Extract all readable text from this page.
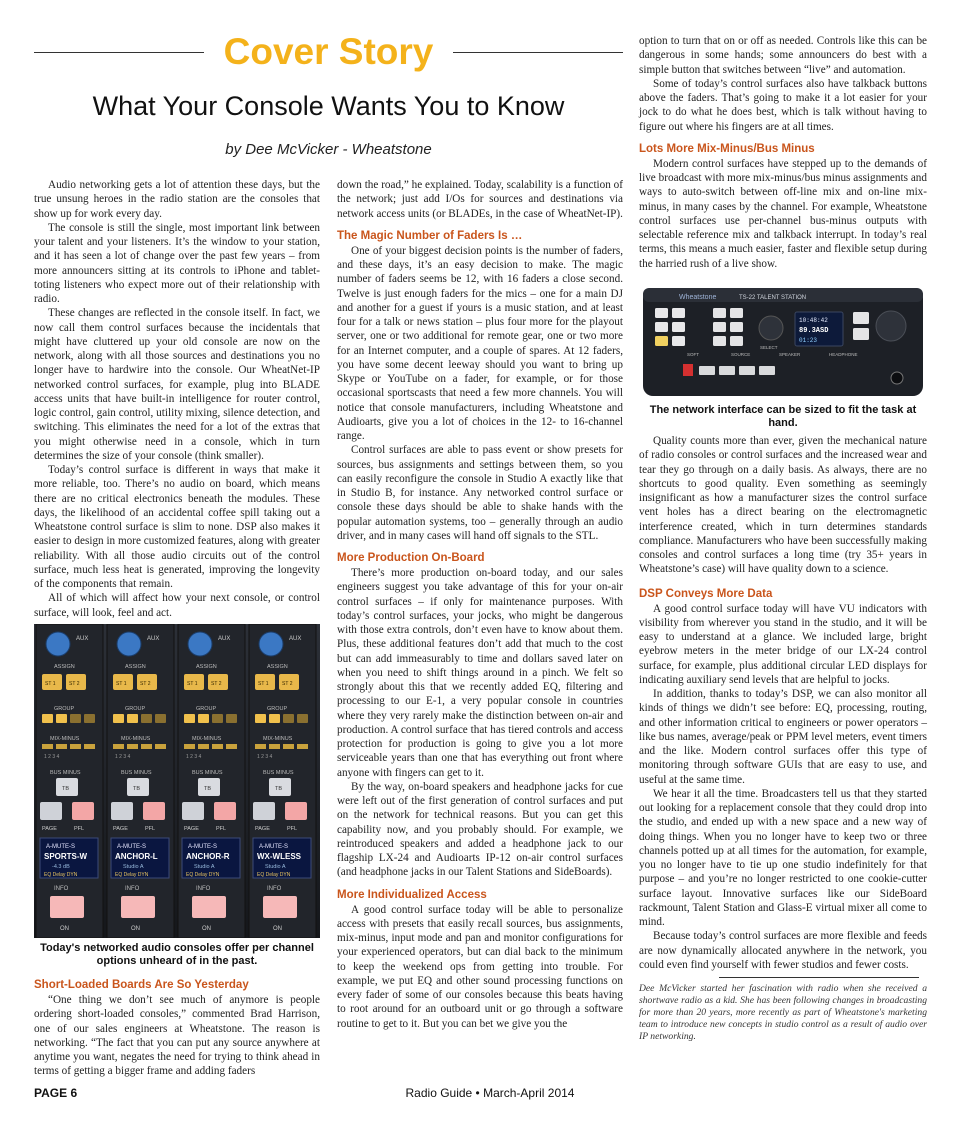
Cover Story
What Your Console Wants You to Know
by Dee McVicker - Wheatstone

Audio networking gets a lot of attention these days, but the true unsung heroes in the radio station are the consoles that show up for work every day.

The console is still the single, most important link between your talent and your listeners. It’s the window to your station, and it has seen a lot of change over the past few years – from more announcers sitting at its controls to iPhone and tablet-toting listeners who expect more out of their relationship with radio.

These changes are reflected in the console itself. In fact, we now call them control surfaces because the incidentals that might have cluttered up your old console are now on the network, along with all those sources and destinations you no longer have to hardwire into the console. Our WheatNet-IP networked control surfaces, for example, plug into BLADE access units that have built-in intelligence for router control, logic control, gain control, utility mixing, silence detection, and switching. This eliminates the need for a lot of the extras that you might otherwise need in a console, which in turn determines the size of your console (think smaller).

Today’s control surface is different in ways that make it more reliable, too. There’s no audio on board, which means there are no critical electronics beneath the modules. These days, the likelihood of an accidental coffee spill taking out a Wheatstone control surface is slim to none. DSP also makes it easier to design in more customized features, along with greater reliability. With all those audio circuits out of the control surface, much less heat is generated, improving the longevity of the components that remain.

All of which will affect how your next console, or control surface, will look, feel and act.

AUX
ASSIGN
ST 1	ST 2
GROUP
MIX-MINUS
1 2 3 4
BUS MINUS
TB
PAGE	PFL
A-MUTE-S
SPORTS-W
-4.3 dB
EQ Delay DYN
INFO
ON
AUX
ASSIGN
ST 1	ST 2
GROUP
MIX-MINUS
1 2 3 4
BUS MINUS
TB
PAGE	PFL
A-MUTE-S
ANCHOR-L
Studio A
EQ Delay DYN
INFO
ON
AUX
ASSIGN
ST 1	ST 2
GROUP
MIX-MINUS
1 2 3 4
BUS MINUS
TB
PAGE	PFL
A-MUTE-S
ANCHOR-R
Studio A
EQ Delay DYN
INFO
ON
AUX
ASSIGN
ST 1	ST 2
GROUP
MIX-MINUS
1 2 3 4
BUS MINUS
TB
PAGE	PFL
A-MUTE-S
WX-WLESS
Studio A
EQ Delay DYN
INFO
ON
Today's networked audio consoles offer per channel options unheard of in the past.
Short-Loaded Boards Are So Yesterday

“One thing we don’t see much of anymore is people ordering short-loaded consoles,” commented Brad Harrison, one of our sales engineers at Wheatstone. The reason is networking. “The fact that you can put any source anywhere at anytime you want, negates the need for trying to think ahead in terms of getting a bigger frame and adding faders

down the road,” he explained. Today, scalability is a function of the network; just add I/Os for sources and destinations via network access units (or BLADEs, in the case of WheatNet-IP).

The Magic Number of Faders Is …

One of your biggest decision points is the number of faders, and these days, it’s an easy decision to make. The magic number of faders seems be 12, with 16 faders a close second. Twelve is just enough faders for the mics – one for a main DJ and another for a guest if yours is a music station, and at least four for a talk or news station – plus four more for the playout server, one or two additional for remote gear, one or two more for an Internet computer, and a couple of spares. At 12 faders, you have some decent leeway should you want to bring up Skype or YouTube on a fader, for example, or for those occasional sportscasts that need a few more channels. You will notice that console manufacturers, including Wheatstone and Audioarts, give you a lot of choices in the 12- to 16-channel range.

Control surfaces are able to pass event or show presets for sources, bus assignments and settings between them, so you can easily reconfigure the console in Studio A exactly like that in Studio B, for instance. Any networked control surface or console these days should be able to shake hands with the popular automation systems, too – generally through an audio driver, and in many cases will hand off signals to the STL.

More Production On-Board

There’s more production on-board today, and our sales engineers suggest you take advantage of this for your on-air control surfaces – if only for maintenance purposes. With today’s control surfaces, your jocks, who might be dangerous with those extra controls, don’t even have to know about them. Plus, these additional features don’t add that much to the cost but can add immeasurably to time and dollars saved later on when you need to shift things around in a pinch. We felt so strongly about this that we recently added EQ, filtering and processing to our E-1, a very popular console in countries where they very rarely make the distinction between on-air and production. A control surface that has tiered controls and access protection for production is going to give you a lot more serviceable years than one that has everything out front where anyone with fingers can get to it.

By the way, on-board speakers and headphone jacks for cue were left out of the first generation of control surfaces and put on the network for technical reasons. But you can get this capability now, and you probably should. For example, we reintroduced speakers and added a headphone jack to our flagship LX-24 and Audioarts IP-12 on-air control surfaces (and headphone jacks in our Talent Stations and SideBoards).

More Individualized Access

A good control surface today will be able to personalize access with presets that easily recall sources, bus assignments, mix-minus, input mode and pan and monitor configurations for your experienced operators, but can dial back to the minimum to keep the weekend ops from getting into trouble. For example, we put EQ and other sound processing functions on every fader of some of our consoles because this beats having to root around for an outboard unit or go through a software routine to get to it. But you can bet we give you the

option to turn that on or off as needed. Controls like this can be dangerous in some hands; some announcers do best with a simple button that switches between “live” and automation.

Some of today’s control surfaces also have talkback buttons above the faders. That’s going to make it a lot easier for your jock to do what he does best, which is talk without having to figure out where his fingers are at all times.

Lots More Mix-Minus/Bus Minus

Modern control surfaces have stepped up to the demands of live broadcast with more mix-minus/bus minus assignments and ways to auto-switch between off-line mix and on-line mix-minus, in many cases by the channel. For example, Wheatstone control surfaces use per-channel bus-minus outputs with selectable reference mix and talkback interrupt. In today’s real terms, this means a much easier, faster and flexible setup during the harried rush of a live show.

Wheatstone	TS-22 TALENT STATION
10:48:42
89.3ASD
01:23
SELECT
SOFT	SOURCE	SPEAKER	HEADPHONE
The network interface can be sized to fit the task at hand.

Quality counts more than ever, given the mechanical nature of radio consoles or control surfaces and the increased wear and tear they go through on a daily basis. As always, there are no shortcuts to good quality. Even something as seemingly insignificant as how a manufacturer sizes the control surface vent holes has a direct bearing on the electromagnetic interference created, which in turn determines standards compliance. Manufacturers who have been successfully making consoles and control surfaces a long time (try 35+ years in Wheatstone’s case) will have quality down to a science.

DSP Conveys More Data

A good control surface today will have VU indicators with visibility from wherever you stand in the studio, and it will be easy to understand at a glance. We included large, bright eyebrow meters in the meter bridge of our LX-24 control surface, for example, plus additional circular LED displays for indicating auxiliary send levels that are helpful to jocks.

In addition, thanks to today’s DSP, we can also monitor all kinds of things we didn’t see before: EQ, processing, routing, and other information critical to engineers or power operators – like bus names, average/peak or PPM level meters, event timers and the like. Modern control surfaces offer this type of monitoring through software GUIs that are easy to use, and useful at the same time.

We hear it all the time. Broadcasters tell us that they started out looking for a replacement console that they could drop into the studio, and ended up with a new space and a new way of doing things. When you no longer have to keep two or three channels potted up at all times for the automation, for example, you no longer have to tie up one studio indefinitely for that purpose – and you’re no longer restricted to one cookie-cutter surface layout. Innovative surfaces like our SideBoard rackmount, Talent Station and Glass-E virtual mixer all come to mind.

Because today’s control surfaces are more flexible and feeds are now dynamically allocated anywhere in the network, you could even find yourself with fewer studios and fewer costs.

Dee McVicker started her fascination with radio when she received a shortwave radio as a kid. She has been following changes in broadcasting for more than 20 years, more recently as part of Wheatstone's marketing team to introduce new concepts in studio control as a result of audio over IP networking.

PAGE 6	Radio Guide • March-April 2014
